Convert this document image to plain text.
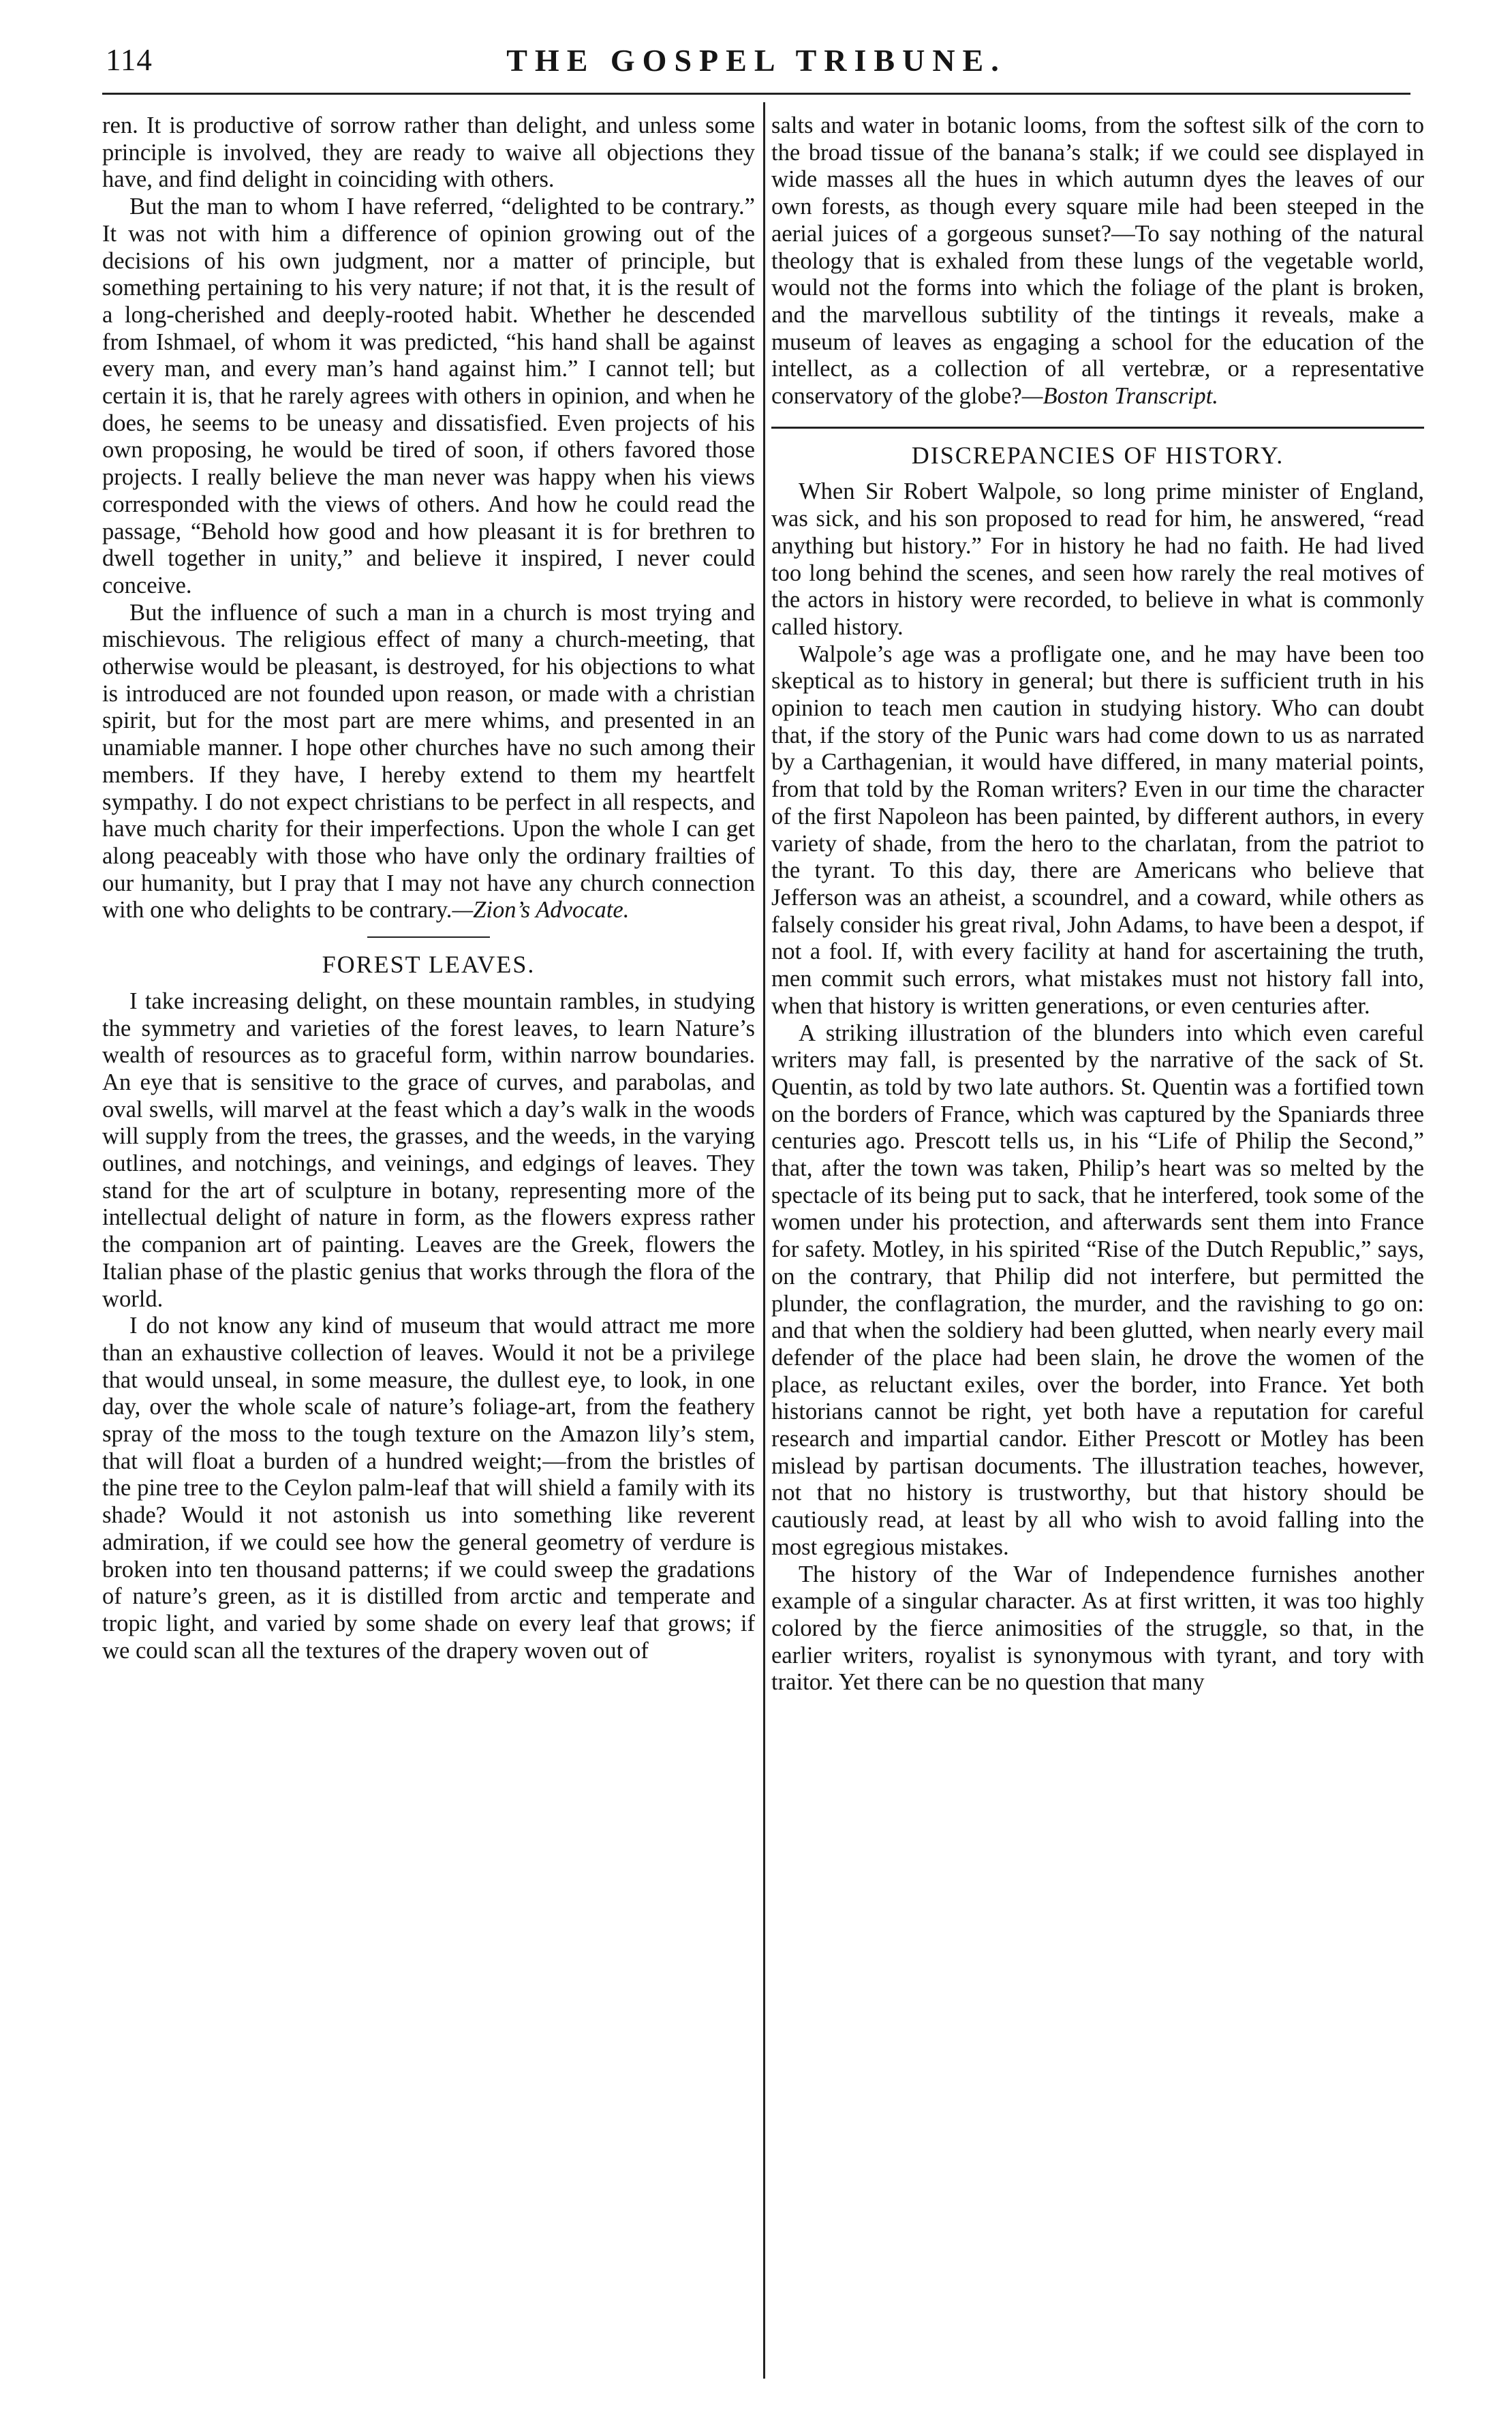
114	THE GOSPEL TRIBUNE.

ren. It is productive of sorrow rather than delight, and unless some principle is involved, they are ready to waive all objections they have, and find delight in coinciding with others.

But the man to whom I have referred, “delighted to be contrary.” It was not with him a difference of opinion growing out of the decisions of his own judgment, nor a matter of principle, but something pertaining to his very nature; if not that, it is the result of a long-cherished and deeply-rooted habit. Whether he descended from Ishmael, of whom it was predicted, “his hand shall be against every man, and every man’s hand against him.” I cannot tell; but certain it is, that he rarely agrees with others in opinion, and when he does, he seems to be uneasy and dissatisfied. Even projects of his own proposing, he would be tired of soon, if others favored those projects. I really believe the man never was happy when his views corresponded with the views of others. And how he could read the passage, “Behold how good and how pleasant it is for brethren to dwell together in unity,” and believe it inspired, I never could conceive.

But the influence of such a man in a church is most trying and mischievous. The religious effect of many a church-meeting, that otherwise would be pleasant, is destroyed, for his objections to what is introduced are not founded upon reason, or made with a christian spirit, but for the most part are mere whims, and presented in an unamiable manner. I hope other churches have no such among their members. If they have, I hereby extend to them my heartfelt sympathy. I do not expect christians to be perfect in all respects, and have much charity for their imperfections. Upon the whole I can get along peaceably with those who have only the ordinary frailties of our humanity, but I pray that I may not have any church connection with one who delights to be contrary.—Zion’s Advocate.

FOREST LEAVES.

I take increasing delight, on these mountain rambles, in studying the symmetry and varieties of the forest leaves, to learn Nature’s wealth of resources as to graceful form, within narrow boundaries. An eye that is sensitive to the grace of curves, and parabolas, and oval swells, will marvel at the feast which a day’s walk in the woods will supply from the trees, the grasses, and the weeds, in the varying outlines, and notchings, and veinings, and edgings of leaves. They stand for the art of sculpture in botany, representing more of the intellectual delight of nature in form, as the flowers express rather the companion art of painting. Leaves are the Greek, flowers the Italian phase of the plastic genius that works through the flora of the world.

I do not know any kind of museum that would attract me more than an exhaustive collection of leaves. Would it not be a privilege that would unseal, in some measure, the dullest eye, to look, in one day, over the whole scale of nature’s foliage-art, from the feathery spray of the moss to the tough texture on the Amazon lily’s stem, that will float a burden of a hundred weight;—from the bristles of the pine tree to the Ceylon palm-leaf that will shield a family with its shade? Would it not astonish us into something like reverent admiration, if we could see how the general geometry of verdure is broken into ten thousand patterns; if we could sweep the gradations of nature’s green, as it is distilled from arctic and temperate and tropic light, and varied by some shade on every leaf that grows; if we could scan all the textures of the drapery woven out of

salts and water in botanic looms, from the softest silk of the corn to the broad tissue of the banana’s stalk; if we could see displayed in wide masses all the hues in which autumn dyes the leaves of our own forests, as though every square mile had been steeped in the aerial juices of a gorgeous sunset?—To say nothing of the natural theology that is exhaled from these lungs of the vegetable world, would not the forms into which the foliage of the plant is broken, and the marvellous subtility of the tintings it reveals, make a museum of leaves as engaging a school for the education of the intellect, as a collection of all vertebræ, or a representative conservatory of the globe?—Boston Transcript.

DISCREPANCIES OF HISTORY.

When Sir Robert Walpole, so long prime minister of England, was sick, and his son proposed to read for him, he answered, “read anything but history.” For in history he had no faith. He had lived too long behind the scenes, and seen how rarely the real motives of the actors in history were recorded, to believe in what is commonly called history.

Walpole’s age was a profligate one, and he may have been too skeptical as to history in general; but there is sufficient truth in his opinion to teach men caution in studying history. Who can doubt that, if the story of the Punic wars had come down to us as narrated by a Carthagenian, it would have differed, in many material points, from that told by the Roman writers? Even in our time the character of the first Napoleon has been painted, by different authors, in every variety of shade, from the hero to the charlatan, from the patriot to the tyrant. To this day, there are Americans who believe that Jefferson was an atheist, a scoundrel, and a coward, while others as falsely consider his great rival, John Adams, to have been a despot, if not a fool. If, with every facility at hand for ascertaining the truth, men commit such errors, what mistakes must not history fall into, when that history is written generations, or even centuries after.

A striking illustration of the blunders into which even careful writers may fall, is presented by the narrative of the sack of St. Quentin, as told by two late authors. St. Quentin was a fortified town on the borders of France, which was captured by the Spaniards three centuries ago. Prescott tells us, in his “Life of Philip the Second,” that, after the town was taken, Philip’s heart was so melted by the spectacle of its being put to sack, that he interfered, took some of the women under his protection, and afterwards sent them into France for safety. Motley, in his spirited “Rise of the Dutch Republic,” says, on the contrary, that Philip did not interfere, but permitted the plunder, the conflagration, the murder, and the ravishing to go on: and that when the soldiery had been glutted, when nearly every mail defender of the place had been slain, he drove the women of the place, as reluctant exiles, over the border, into France. Yet both historians cannot be right, yet both have a reputation for careful research and impartial candor. Either Prescott or Motley has been mislead by partisan documents. The illustration teaches, however, not that no history is trustworthy, but that history should be cautiously read, at least by all who wish to avoid falling into the most egregious mistakes.

The history of the War of Independence furnishes another example of a singular character. As at first written, it was too highly colored by the fierce animosities of the struggle, so that, in the earlier writers, royalist is synonymous with tyrant, and tory with traitor. Yet there can be no question that many
